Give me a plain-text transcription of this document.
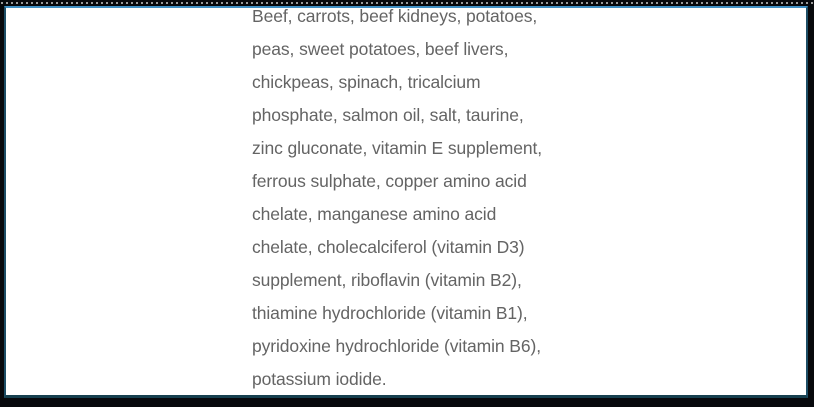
Beef, carrots, beef kidneys, potatoes,
peas, sweet potatoes, beef livers,
chickpeas, spinach, tricalcium
phosphate, salmon oil, salt, taurine,
zinc gluconate, vitamin E supplement,
ferrous sulphate, copper amino acid
chelate, manganese amino acid
chelate, cholecalciferol (vitamin D3)
supplement, riboflavin (vitamin B2),
thiamine hydrochloride (vitamin B1),
pyridoxine hydrochloride (vitamin B6),
potassium iodide.
